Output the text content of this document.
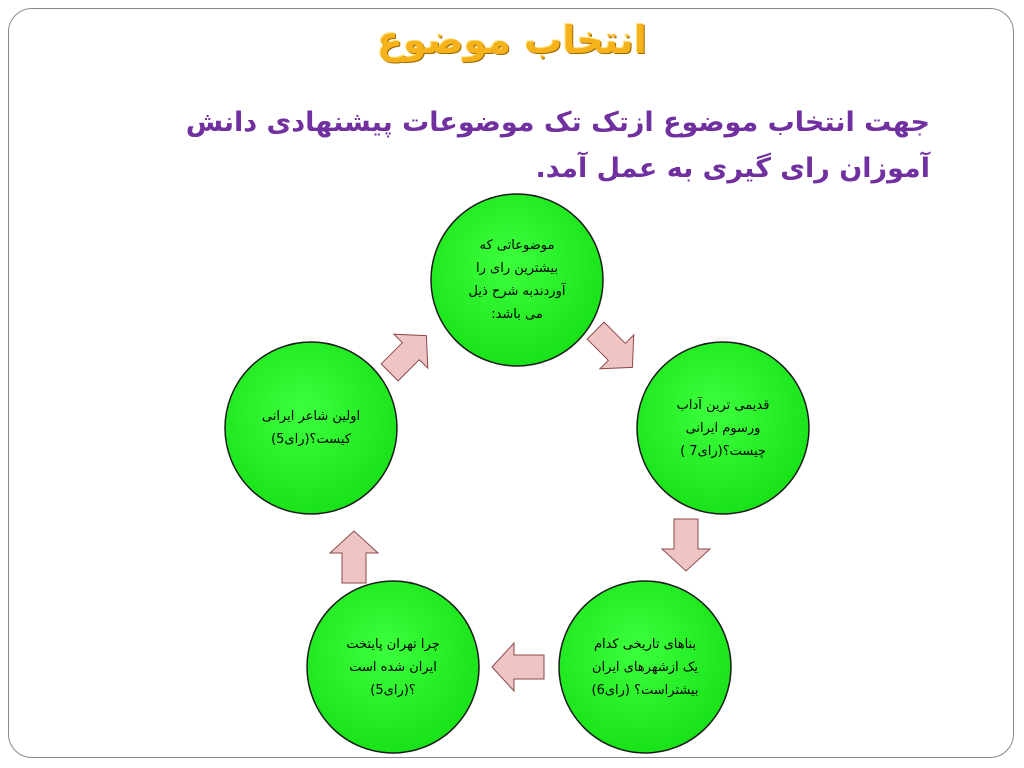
انتخاب موضوع

جهت انتخاب موضوع ازتک تک موضوعات پیشنهادی دانش آموزان رای گیری به عمل آمد.

موضوعاتی که
بیشترین رای را
آوردندبه شرح ذیل
می باشد:
قدیمی ترین آداب
ورسوم ایرانی
چیست؟(رای7 )
بناهای تاریخی کدام
یک ازشهرهای ایران
بیشتراست؟ (رای6)
چرا تهران پایتخت
ایران شده است
؟(رای5)
اولین شاعر ایرانی
کیست؟(رای5)
